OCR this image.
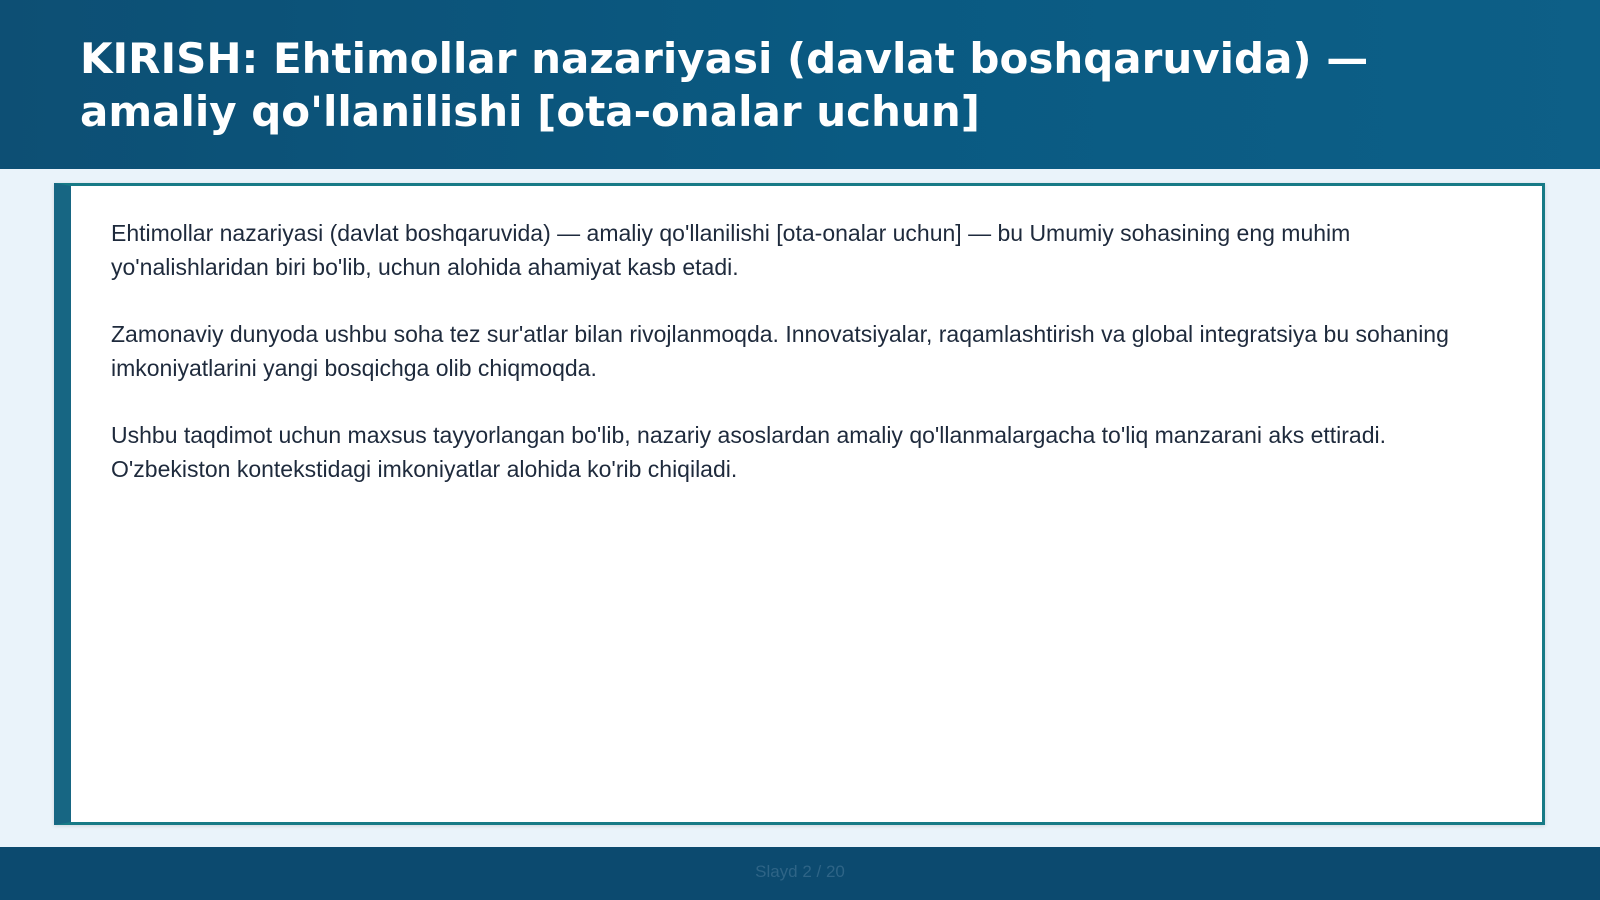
KIRISH: Ehtimollar nazariyasi (davlat boshqaruvida) — amaliy qo'llanilishi [ota-onalar uchun]

Ehtimollar nazariyasi (davlat boshqaruvida) — amaliy qo'llanilishi [ota-onalar uchun] — bu Umumiy sohasining eng muhim yo'nalishlaridan biri bo'lib, uchun alohida ahamiyat kasb etadi.

Zamonaviy dunyoda ushbu soha tez sur'atlar bilan rivojlanmoqda. Innovatsiyalar, raqamlashtirish va global integratsiya bu sohaning imkoniyatlarini yangi bosqichga olib chiqmoqda.

Ushbu taqdimot uchun maxsus tayyorlangan bo'lib, nazariy asoslardan amaliy qo'llanmalargacha to'liq manzarani aks ettiradi. O'zbekiston kontekstidagi imkoniyatlar alohida ko'rib chiqiladi.

Slayd 2 / 20
